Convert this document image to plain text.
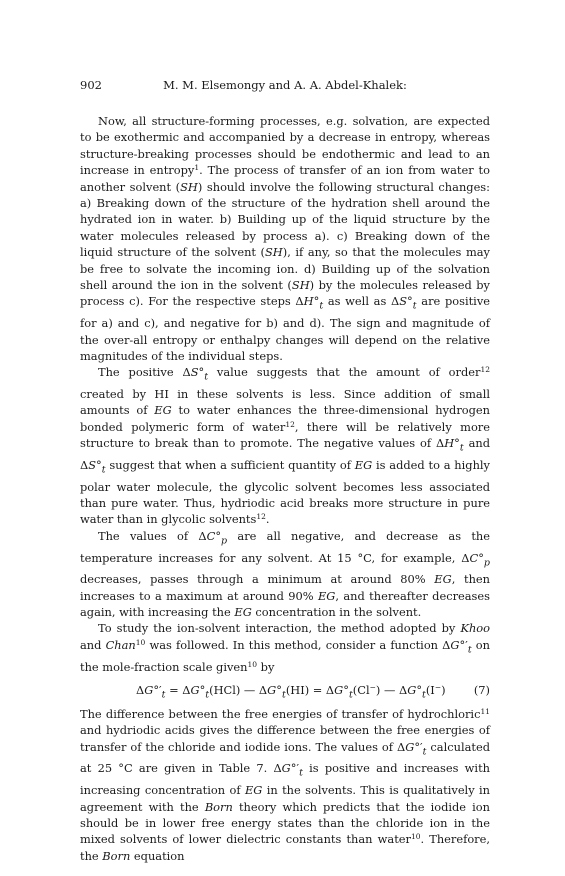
902	M. M. Elsemongy and A. A. Abdel-Khalek:

Now, all structure-forming processes, e.g. solvation, are expected to be exothermic and accompanied by a decrease in entropy, whereas structure-breaking processes should be endothermic and lead to an increase in entropy$^1$. The process of transfer of an ion from water to another solvent (SH) should involve the following structural changes: a) Breaking down of the structure of the hydration shell around the hydrated ion in water. b) Building up of the liquid structure by the water molecules released by process a). c) Breaking down of the liquid structure of the solvent (SH), if any, so that the molecules may be free to solvate the incoming ion. d) Building up of the solvation shell around the ion in the solvent (SH) by the molecules released by process c). For the respective steps $\Delta H^\circ_t$ as well as $\Delta S^\circ_t$ are positive for a) and c), and negative for b) and d). The sign and magnitude of the over-all entropy or enthalpy changes will depend on the relative magnitudes of the individual steps.

The positive $\Delta S^\circ_t$ value suggests that the amount of order$^{12}$ created by HI in these solvents is less. Since addition of small amounts of EG to water enhances the three-dimensional hydrogen bonded polymeric form of water$^{12}$, there will be relatively more structure to break than to promote. The negative values of $\Delta H^\circ_t$ and $\Delta S^\circ_t$ suggest that when a sufficient quantity of EG is added to a highly polar water molecule, the glycolic solvent becomes less associated than pure water. Thus, hydriodic acid breaks more structure in pure water than in glycolic solvents$^{12}$.

The values of $\Delta C^\circ_p$ are all negative, and decrease as the temperature increases for any solvent. At 15 °C, for example, $\Delta C^\circ_p$ decreases, passes through a minimum at around 80% EG, then increases to a maximum at around 90% EG, and thereafter decreases again, with increasing the EG concentration in the solvent.

To study the ion-solvent interaction, the method adopted by Khoo and Chan$^{10}$ was followed. In this method, consider a function $\Delta G^\circ'_t$ on the mole-fraction scale given$^{10}$ by

$\Delta G^\circ'_t = \Delta G^\circ_t(HCl)$ — $\Delta G^\circ_t(HI) = \Delta G^\circ_t(Cl^-)$ — $\Delta G^\circ_t(I^-)$ (7)

The difference between the free energies of transfer of hydrochloric$^{11}$ and hydriodic acids gives the difference between the free energies of transfer of the chloride and iodide ions. The values of $\Delta G^\circ'_t$ calculated at 25 °C are given in Table 7. $\Delta G^\circ'_t$ is positive and increases with increasing concentration of EG in the solvents. This is qualitatively in agreement with the Born theory which predicts that the iodide ion should be in lower free energy states than the chloride ion in the mixed solvents of lower dielectric constants than water$^{10}$. Therefore, the Born equation
